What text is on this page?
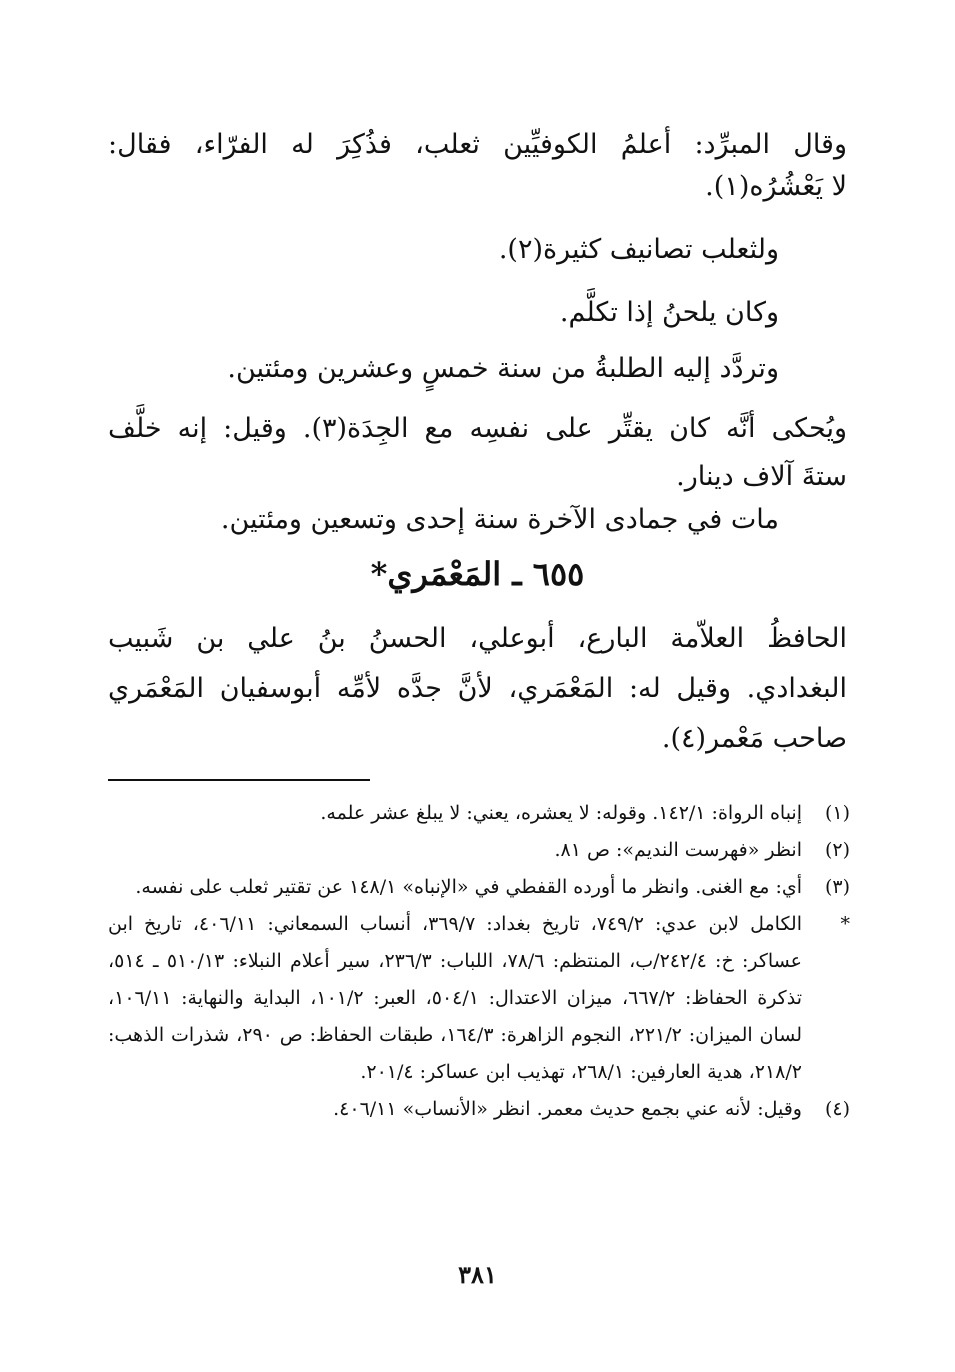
وقال المبرِّد: أعلمُ الكوفيِّين ثعلب، فذُكِرَ له الفرّاء، فقال:
لا يَعْشُرُه(١).
ولثعلب تصانيف كثيرة(٢).
وكان يلحنُ إذا تكلَّم.
وتردَّد إليه الطلبةُ من سنة خمسٍ وعشرين ومئتين.
ويُحكى أنَّه كان يقتِّر على نفسِه مع الجِدَة(٣). وقيل: إنه خلَّف
ستةَ آلاف دينار.
مات في جمادى الآخرة سنة إحدى وتسعين ومئتين.
٦٥٥ ـ المَعْمَري*
الحافظُ العلاّمة البارع، أبوعلي، الحسنُ بنُ علي بن شَبيب
البغدادي. وقيل له: المَعْمَري، لأنَّ جدَّه لأمِّه أبوسفيان المَعْمَري
صاحب مَعْمر(٤).
(١)
إنباه الرواة: ١٤٢/١. وقوله: لا يعشره، يعني: لا يبلغ عشر علمه.
(٢)
انظر «فهرست النديم»: ص ٨١.
(٣)
أي: مع الغنى. وانظر ما أورده القفطي في «الإنباه» ١٤٨/١ عن تقتير ثعلب على نفسه.
*
الكامل لابن عدي: ٧٤٩/٢، تاريخ بغداد: ٣٦٩/٧، أنساب السمعاني: ٤٠٦/١١، تاريخ ابن عساكر: خ: ٢٤٢/٤/ب، المنتظم: ٧٨/٦، اللباب: ٢٣٦/٣، سير أعلام النبلاء: ٥١٠/١٣ ـ ٥١٤، تذكرة الحفاظ: ٦٦٧/٢، ميزان الاعتدال: ٥٠٤/١، العبر: ١٠١/٢، البداية والنهاية: ١٠٦/١١، لسان الميزان: ٢٢١/٢، النجوم الزاهرة: ١٦٤/٣، طبقات الحفاظ: ص ٢٩٠، شذرات الذهب: ٢١٨/٢، هدية العارفين: ٢٦٨/١، تهذيب ابن عساكر: ٢٠١/٤.
(٤)
وقيل: لأنه عني بجمع حديث معمر. انظر «الأنساب» ٤٠٦/١١.
٣٨١
